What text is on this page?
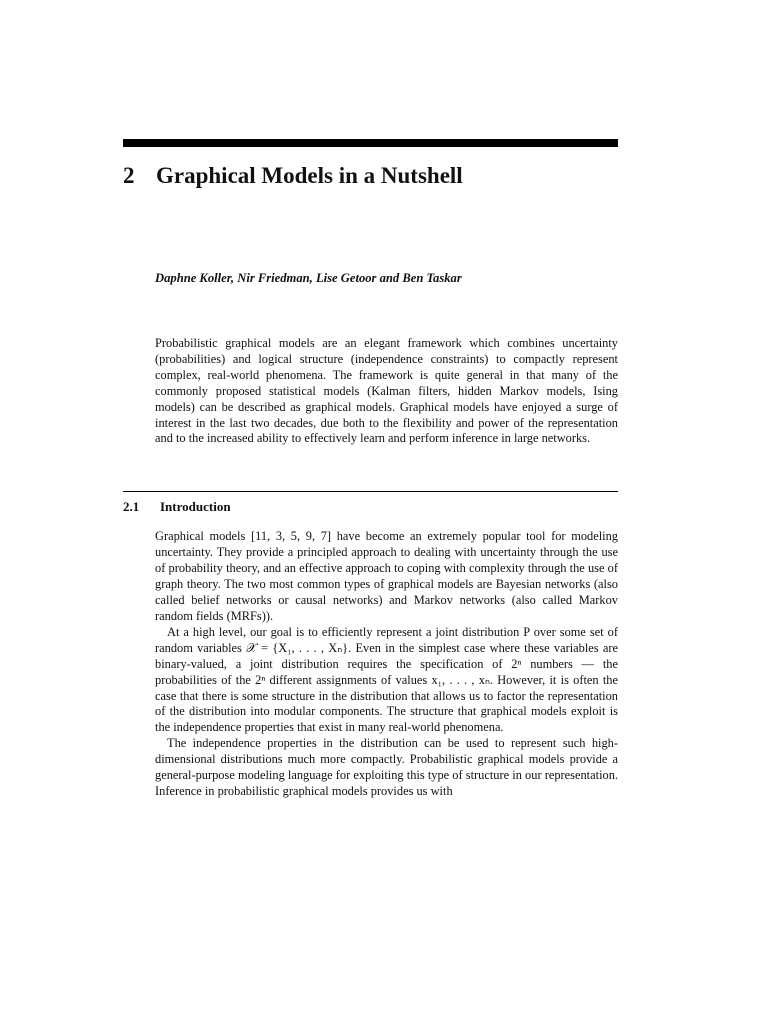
2 Graphical Models in a Nutshell

Daphne Koller, Nir Friedman, Lise Getoor and Ben Taskar

Probabilistic graphical models are an elegant framework which combines uncertainty (probabilities) and logical structure (independence constraints) to compactly represent complex, real-world phenomena. The framework is quite general in that many of the commonly proposed statistical models (Kalman filters, hidden Markov models, Ising models) can be described as graphical models. Graphical models have enjoyed a surge of interest in the last two decades, due both to the flexibility and power of the representation and to the increased ability to effectively learn and perform inference in large networks.

2.1 Introduction

Graphical models [11, 3, 5, 9, 7] have become an extremely popular tool for modeling uncertainty. They provide a principled approach to dealing with uncertainty through the use of probability theory, and an effective approach to coping with complexity through the use of graph theory. The two most common types of graphical models are Bayesian networks (also called belief networks or causal networks) and Markov networks (also called Markov random fields (MRFs)).

At a high level, our goal is to efficiently represent a joint distribution P over some set of random variables 𝒳 = {X₁, . . . , Xₙ}. Even in the simplest case where these variables are binary-valued, a joint distribution requires the specification of 2ⁿ numbers — the probabilities of the 2ⁿ different assignments of values x₁, . . . , xₙ. However, it is often the case that there is some structure in the distribution that allows us to factor the representation of the distribution into modular components. The structure that graphical models exploit is the independence properties that exist in many real-world phenomena.

The independence properties in the distribution can be used to represent such high-dimensional distributions much more compactly. Probabilistic graphical models provide a general-purpose modeling language for exploiting this type of structure in our representation. Inference in probabilistic graphical models provides us with
